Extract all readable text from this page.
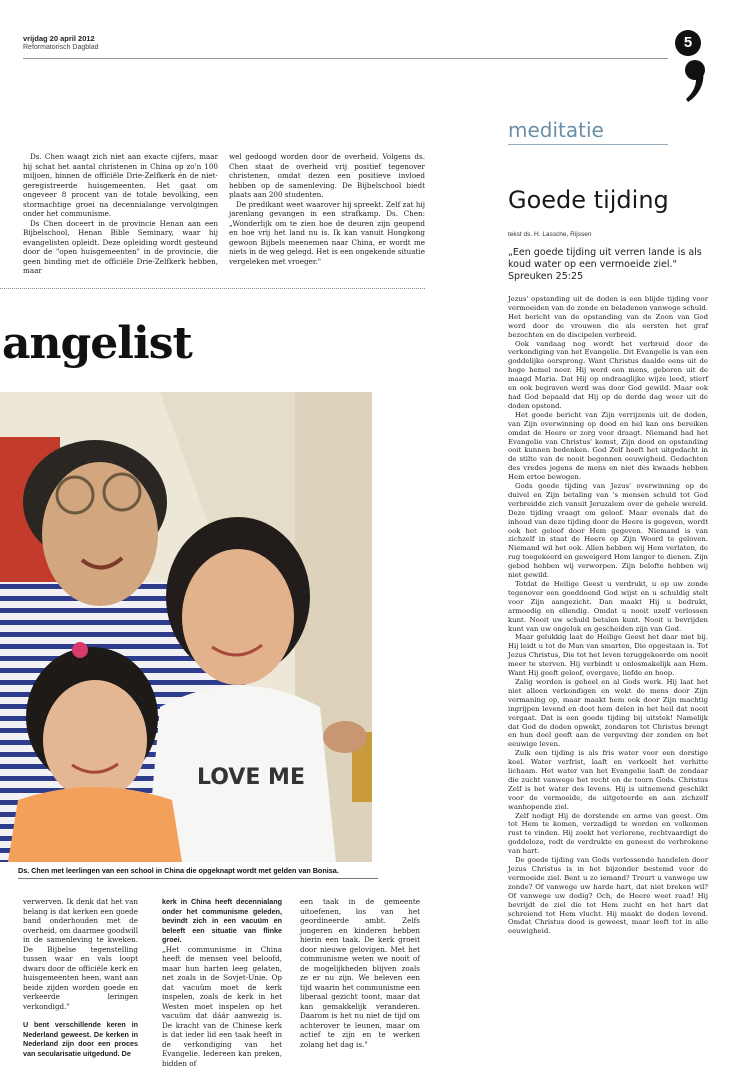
vrijdag 20 april 2012
Reformatorisch Dagblad	5

Ds. Chen waagt zich niet aan exacte cijfers, maar hij schat het aantal christenen in China op zo'n 100 miljoen, binnen de officiële Drie-Zelfkerk én de niet-geregistreerde huisgemeenten. Het gaat om ongeveer 8 procent van de totale bevolking, een stormachtige groei na decennialange vervolgingen onder het communisme.

Ds Chen doceert in de provincie Henan aan een Bijbelschool, Henan Bible Seminary, waar hij evangelisten opleidt. Deze opleiding wordt gesteund door de "open huisgemeenten" in de provincie, die geen binding met de officiële Drie-Zelfkerk hebben, maar

wel gedoogd worden door de overheid. Volgens ds. Chen staat de overheid vrij positief tegenover christenen, omdat dezen een positieve invloed hebben op de samenleving. De Bijbelschool biedt plaats aan 200 studenten.

De predikant weet waarover hij spreekt. Zelf zat hij jarenlang gevangen in een strafkamp. Ds. Chen: „Wonderlijk om te zien hoe de deuren zijn geopend en hoe vrij het land nu is. Ik kan vanuit Hongkong gewoon Bijbels meenemen naar China, er wordt me niets in de weg gelegd. Het is een ongekende situatie vergeleken met vroeger."

angelist
LOVE ME
Ds. Chen met leerlingen van een school in China die opgeknapt wordt met gelden van Bonisa.

verwerven. Ik denk dat het van belang is dat kerken een goede band onderhouden met de overheid, om daarmee goodwill in de samenleving te kweken. De Bijbelse tegenstelling tussen waar en vals loopt dwars door de officiële kerk en huisgemeenten heen, want aan beide zijden worden goede en verkeerde leringen verkondigd."

U bent verschillende keren in Nederland geweest. De kerken in Nederland zijn door een proces van secularisatie uitgedund. De

kerk in China heeft decennialang onder het communisme geleden, bevindt zich in een vacuüm en beleeft een situatie van flinke groei.

„Het communisme in China heeft de mensen veel beloofd, maar hun harten leeg gelaten, net zoals in de Sovjet-Unie. Op dat vacuüm moet de kerk inspelen, zoals de kerk in het Westen moet inspelen op het vacuüm dat dáár aanwezig is. De kracht van de Chinese kerk is dat ieder lid een taak heeft in de verkondiging van het Evangelie. Iedereen kan preken, bidden of

een taak in de gemeente uitoefenen, los van het geordineerde ambt. Zelfs jongeren en kinderen hebben hierin een taak. De kerk groeit door nieuwe gelovigen. Met het communisme weten we nooit of de mogelijkheden blijven zoals ze er nu zijn. We beleven een tijd waarin het communisme een liberaal gezicht toont, maar dat kan gemakkelijk veranderen. Daarom is het nu niet de tijd om achterover te leunen, maar om actief te zijn en te werken zolang het dag is."

meditatie
Goede tijding
tekst ds. H. Lassche, Rijssen
„Een goede tijding uit verren lande is als koud water op een vermoeide ziel."
Spreuken 25:25

Jezus' opstanding uit de doden is een blijde tijding voor vermoeiden van de zonde en beladenen vanwege schuld. Het bericht van de opstanding van de Zoon van God werd door de vrouwen die als eersten het graf bezochten en de discipelen verbreid.

Ook vandaag nog wordt het verbreid door de verkondiging van het Evangelie. Dit Evangelie is van een goddelijke oorsprong. Want Christus daalde eens uit de hoge hemel neer. Hij werd een mens, geboren uit de maagd Maria. Dat Hij op ondraaglijke wijze leed, stierf en ook begraven werd was door God gewild. Maar ook had God bepaald dat Hij op de derde dag weer uit de doden opstond.

Het goede bericht van Zijn verrijzenis uit de doden, van Zijn overwinning op dood en hel kan ons bereiken omdat de Heere er zorg voor draagt. Niemand had het Evangelie van Christus' komst, Zijn dood en opstanding ooit kunnen bedenken. God Zelf heeft het uitgedacht in de stilte van de nooit begonnen eeuwigheid. Gedachten des vredes jegens de mens en niet des kwaads hebben Hem ertoe bewogen.

Gods goede tijding van Jezus' overwinning op de duivel en Zijn betaling van 's mensen schuld tot God verbreidde zich vanuit Jeruzalem over de gehele wereld. Deze tijding vraagt om geloof. Maar evenals dat de inhoud van deze tijding door de Heere is gegeven, wordt ook het geloof door Hem gegeven. Niemand is van zichzelf in staat de Heere op Zijn Woord te geloven. Niemand wil het ook. Allen hebben wij Hem verlaten, de rug toegekeerd en geweigerd Hem langer te dienen. Zijn gebod hebben wij verworpen. Zijn beloftе hebben wij niet gewild.

Totdat de Heilige Geest u verdrukt, u op uw zonde tegenover een goeddoend God wijst en u schuldig stelt voor Zijn aangezicht. Dan maakt Hij u bedrukt, armoedig en ellendig. Omdat u nooit uzelf verlossen kunt. Nooit uw schuld betalen kunt. Nooit u bevrijden kunt van uw ongeluk en gescheiden zijn van God.

Maar gelukkig laat de Heilige Geest het daar niet bij. Hij leidt u tot de Man van smarten, Die opgestaan is. Tot Jezus Christus, Die tot het leven teruggekeerde om nooit meer te sterven. Hij verbindt u onlosmakelijk aan Hem. Want Hij geeft geloof, overgave, liefde en hoop.

Zalig worden is geheel en al Gods werk. Hij laat het niet alleen verkondigen en wekt de mens door Zijn vermaning op, maar maakt hem ook door Zijn machtig ingrijpen levend en doet hem delen in het heil dat nooit vergaat. Dat is een goede tijding bij uitstek! Namelijk dat God de doden opwekt, zondaren tot Christus brengt en hun deel geeft aan de vergeving der zonden en het eeuwige leven.

Zulk een tijding is als fris water voor een dorstige keel. Water verfrist, laaft en verkoelt het verhitte lichaam. Het water van het Evangelie laaft de zondaar die zucht vanwege het recht en de toorn Gods. Christus Zelf is het water des levens. Hij is uitnemend geschikt voor de vermoeide, de uitgeteerde en aan zichzelf wanhopende ziel.

Zelf nodigt Hij de dorstende en arme van geest. Om tot Hem te komen, verzadigd te worden en volkomen rust te vinden. Hij zoekt het verlorene, rechtvaardigt de goddeloze, redt de verdrukte en geneest de verbrokene van hart.

De goede tijding van Gods verlossende handelen door Jezus Christus is in het bijzonder bestemd voor de vermoeide ziel. Bent u zo iemand? Treurt u vanwege uw zonde? Of vanwege uw harde hart, dat niet breken wil? Of vanwege uw dodig? Och, de Heere weet raad! Hij bevrijdt de ziel die tot Hem zucht en het hart dat schreiend tot Hem vlucht. Hij maakt de doden levend. Omdat Christus dood is geweest, maar leeft tot in alle eeuwigheid.
